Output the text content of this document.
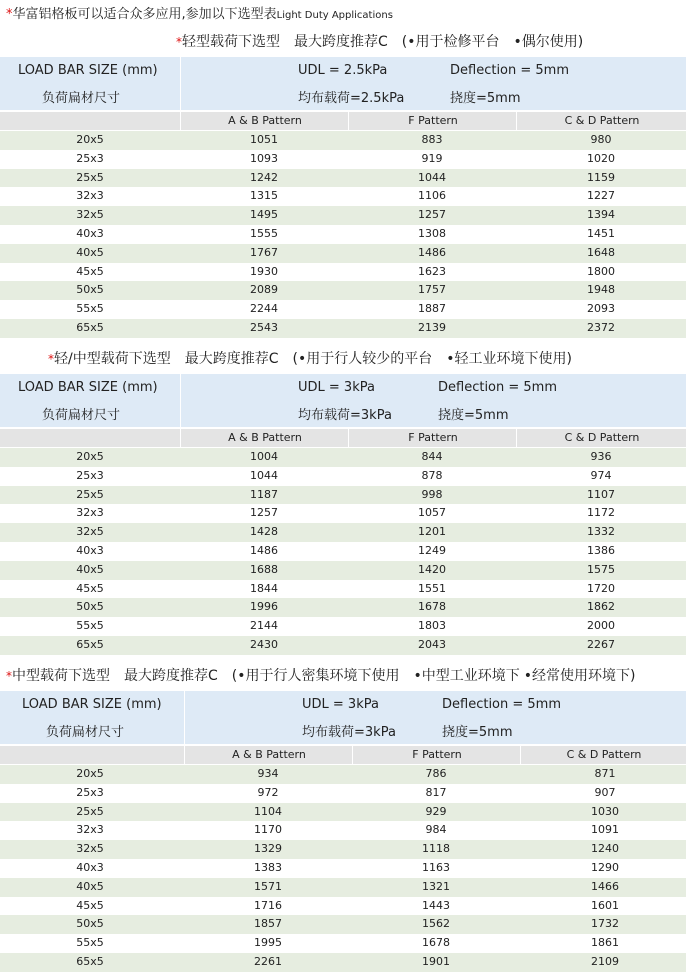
*华富铝格板可以适合众多应用,参加以下选型表Light Duty Applications
*轻型载荷下选型 最大跨度推荐C (•用于检修平台 •偶尔使用)
LOAD BAR SIZE (mm)
负荷扁材尺寸
UDL = 2.5kPa	Deflection = 5mm
均布载荷=2.5kPa	挠度=5mm
A & B Pattern	F Pattern	C & D Pattern
20x5	1051	883	980
25x3	1093	919	1020
25x5	1242	1044	1159
32x3	1315	1106	1227
32x5	1495	1257	1394
40x3	1555	1308	1451
40x5	1767	1486	1648
45x5	1930	1623	1800
50x5	2089	1757	1948
55x5	2244	1887	2093
65x5	2543	2139	2372
*轻/中型载荷下选型 最大跨度推荐C (•用于行人较少的平台 •轻工业环境下使用)
LOAD BAR SIZE (mm)
负荷扁材尺寸
UDL = 3kPa	Deflection = 5mm
均布载荷=3kPa	挠度=5mm
A & B Pattern	F Pattern	C & D Pattern
20x5	1004	844	936
25x3	1044	878	974
25x5	1187	998	1107
32x3	1257	1057	1172
32x5	1428	1201	1332
40x3	1486	1249	1386
40x5	1688	1420	1575
45x5	1844	1551	1720
50x5	1996	1678	1862
55x5	2144	1803	2000
65x5	2430	2043	2267
*中型载荷下选型 最大跨度推荐C (•用于行人密集环境下使用 •中型工业环境下 •经常使用环境下)
LOAD BAR SIZE (mm)
负荷扁材尺寸
UDL = 3kPa	Deflection = 5mm
均布载荷=3kPa	挠度=5mm
A & B Pattern	F Pattern	C & D Pattern
20x5	934	786	871
25x3	972	817	907
25x5	1104	929	1030
32x3	1170	984	1091
32x5	1329	1118	1240
40x3	1383	1163	1290
40x5	1571	1321	1466
45x5	1716	1443	1601
50x5	1857	1562	1732
55x5	1995	1678	1861
65x5	2261	1901	2109
